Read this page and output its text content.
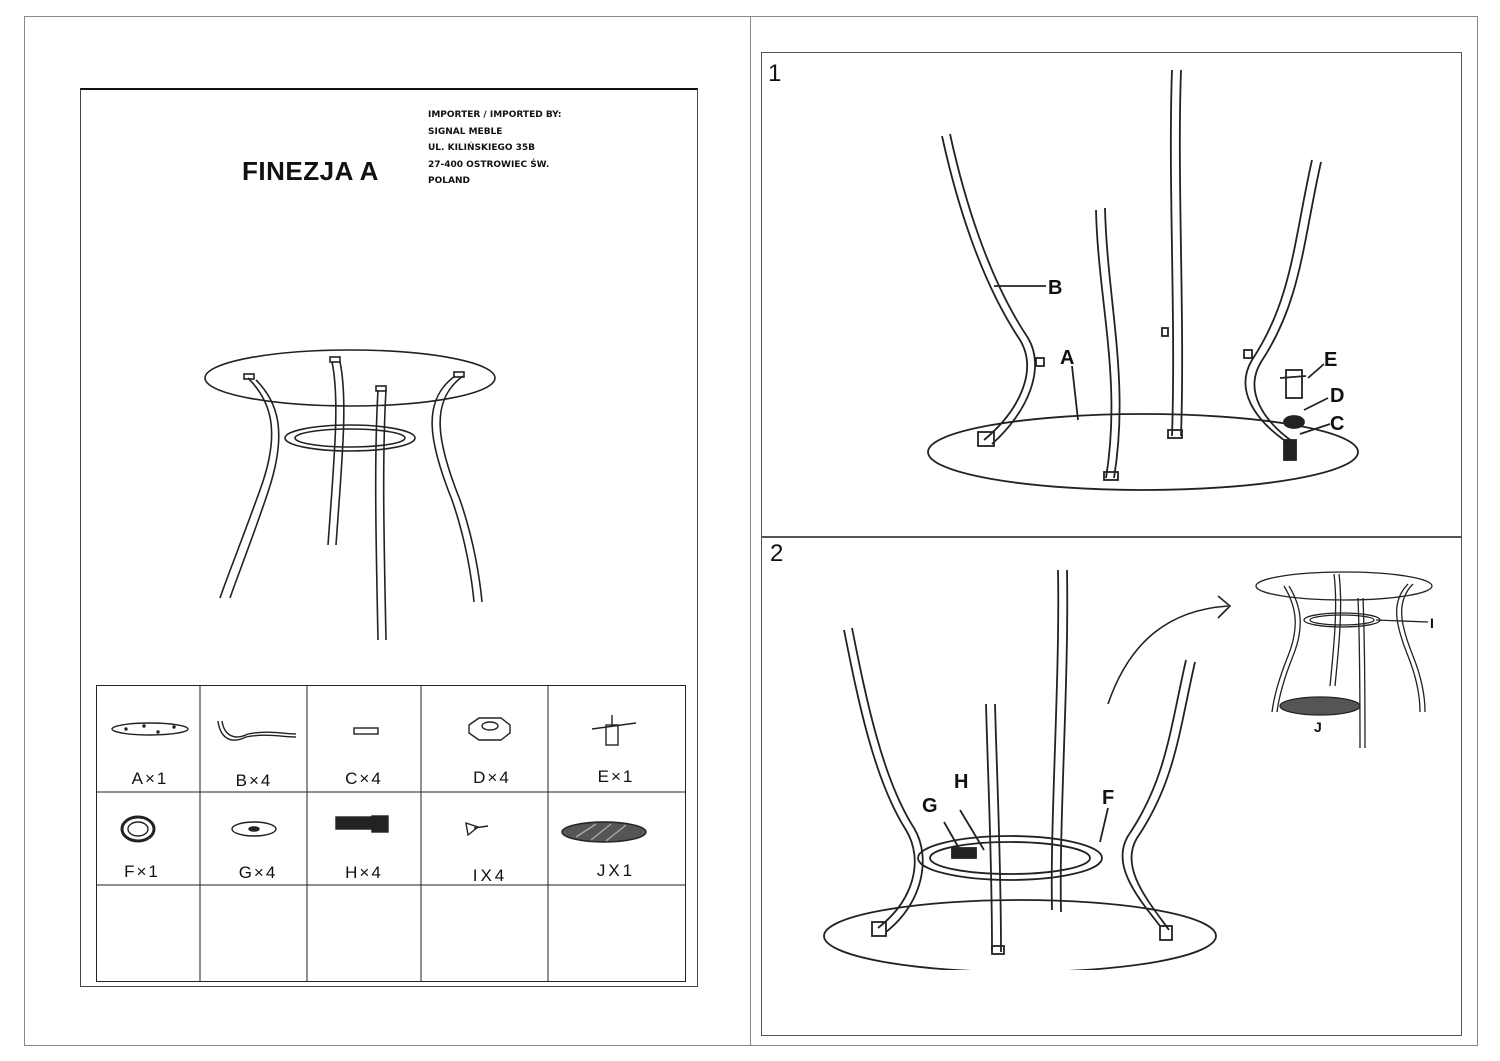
FINEZJA A
IMPORTER / IMPORTED BY:
SIGNAL MEBLE
UL. KILIŃSKIEGO 35B
27-400 OSTROWIEC ŚW.
POLAND
A×1	B×4	C×4	D×4	E×1
F×1	G×4	H×4	IX4	JX1
1
B
A	E
D
C
2
G
H
F
I
J
